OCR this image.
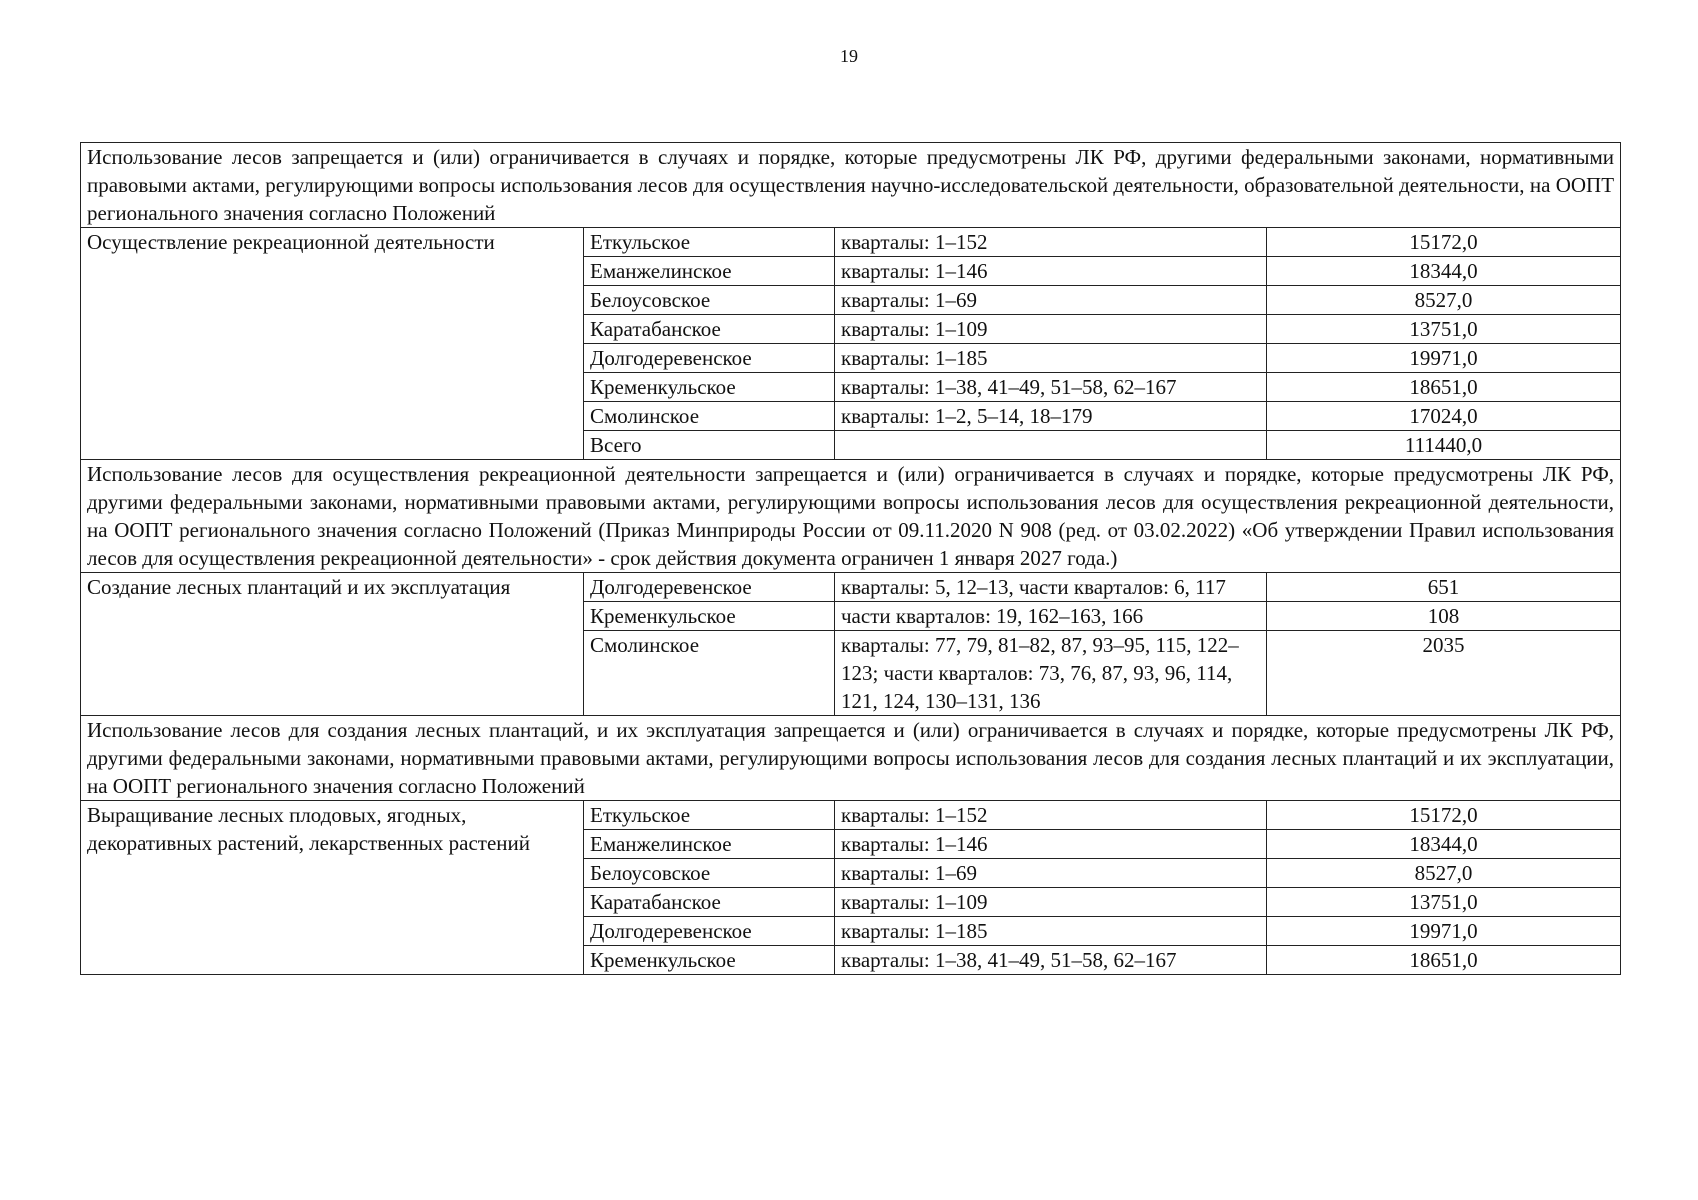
19
Использование лесов запрещается и (или) ограничивается в случаях и порядке, которые предусмотрены ЛК РФ, другими федеральными законами, нормативными правовыми актами, регулирующими вопросы использования лесов для осуществления научно-исследовательской деятельности, образовательной деятельности, на ООПТ регионального значения согласно Положений			
Осуществление рекреационной деятельности	Еткульское	кварталы: 1–152	15172,0
	Еманжелинское	кварталы: 1–146	18344,0
	Белоусовское	кварталы: 1–69	8527,0
	Каратабанское	кварталы: 1–109	13751,0
	Долгодеревенское	кварталы: 1–185	19971,0
	Кременкульское	кварталы: 1–38, 41–49, 51–58, 62–167	18651,0
	Смолинское	кварталы: 1–2, 5–14, 18–179	17024,0
	Всего		111440,0
Использование лесов для осуществления рекреационной деятельности запрещается и (или) ограничивается в случаях и порядке, которые предусмотрены ЛК РФ, другими федеральными законами, нормативными правовыми актами, регулирующими вопросы использования лесов для осуществления рекреационной деятельности, на ООПТ регионального значения согласно Положений (Приказ Минприроды России от 09.11.2020 N 908 (ред. от 03.02.2022) «Об утверждении Правил использования лесов для осуществления рекреационной деятельности» - срок действия документа ограничен 1 января 2027 года.)			
Создание лесных плантаций и их эксплуатация	Долгодеревенское	кварталы: 5, 12–13, части кварталов: 6, 117	651
	Кременкульское	части кварталов: 19, 162–163, 166	108
	Смолинское	кварталы: 77, 79, 81–82, 87, 93–95, 115, 122–123; части кварталов: 73, 76, 87, 93, 96, 114, 121, 124, 130–131, 136	2035
Использование лесов для создания лесных плантаций, и их эксплуатация запрещается и (или) ограничивается в случаях и порядке, которые предусмотрены ЛК РФ, другими федеральными законами, нормативными правовыми актами, регулирующими вопросы использования лесов для создания лесных плантаций и их эксплуатации, на ООПТ регионального значения согласно Положений			
Выращивание лесных плодовых, ягодных, декоративных растений, лекарственных растений	Еткульское	кварталы: 1–152	15172,0
	Еманжелинское	кварталы: 1–146	18344,0
	Белоусовское	кварталы: 1–69	8527,0
	Каратабанское	кварталы: 1–109	13751,0
	Долгодеревенское	кварталы: 1–185	19971,0
	Кременкульское	кварталы: 1–38, 41–49, 51–58, 62–167	18651,0
